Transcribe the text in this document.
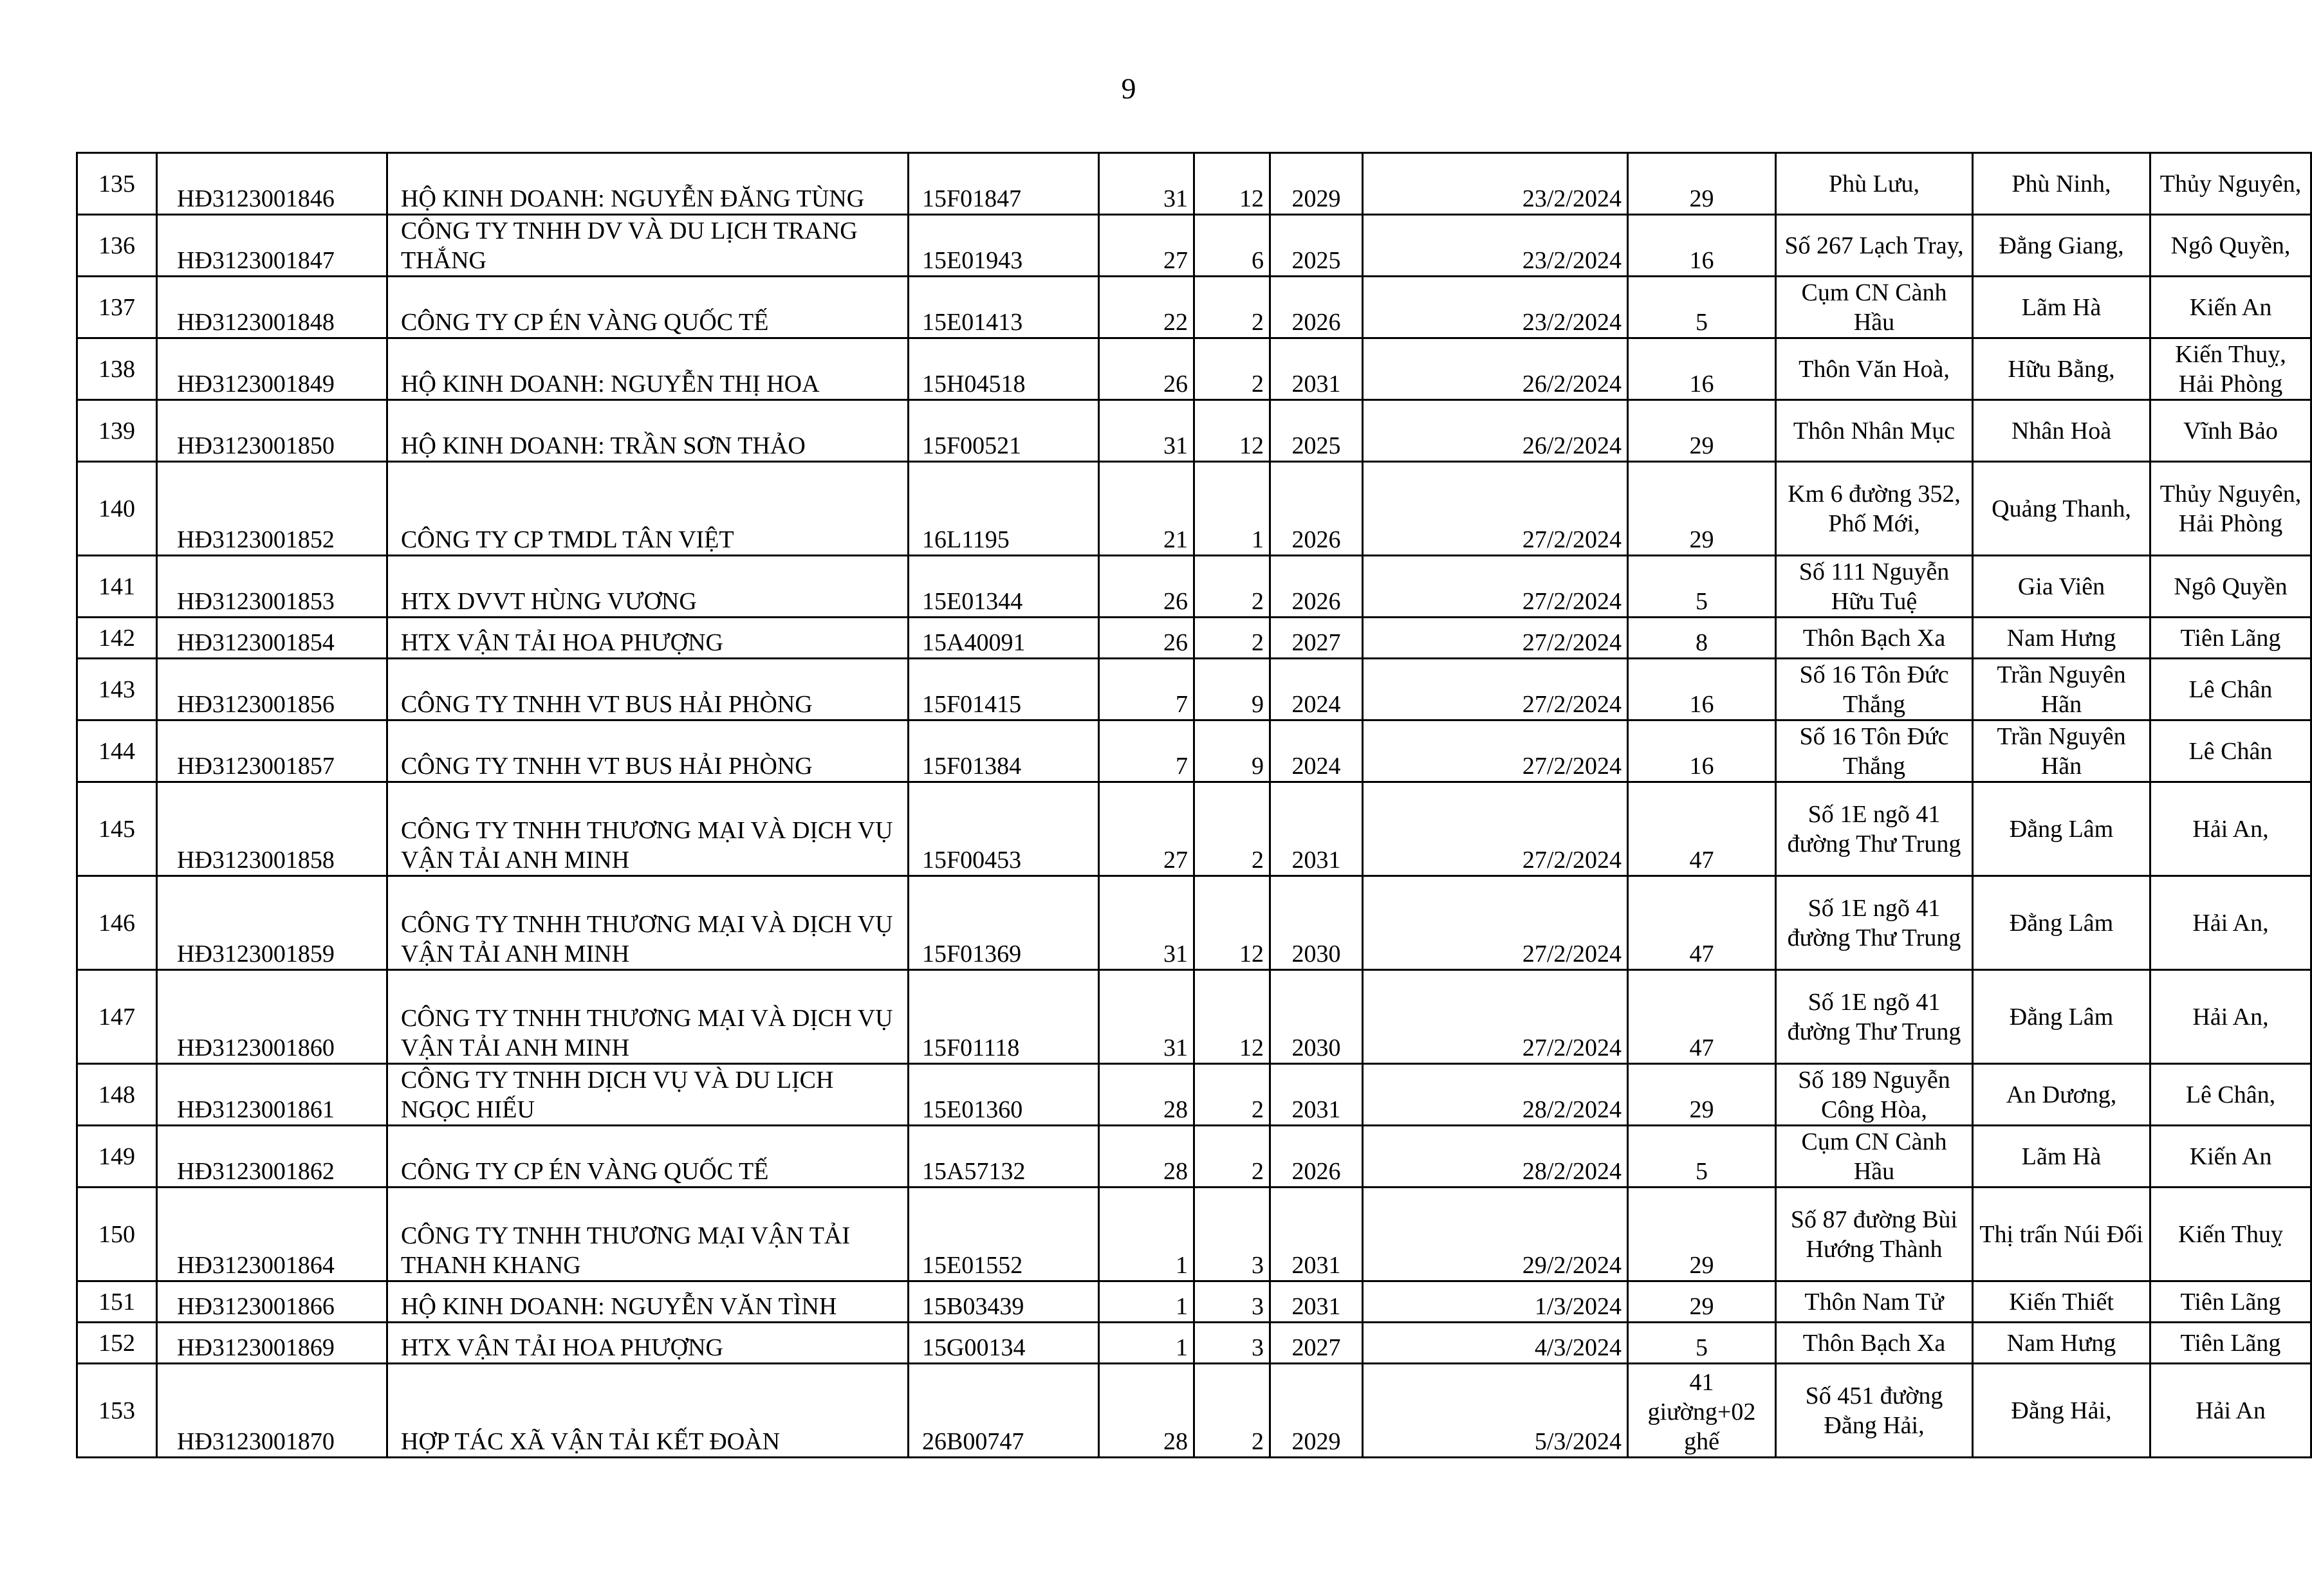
9
135	HĐ3123001846	HỘ KINH DOANH: NGUYỄN ĐĂNG TÙNG	15F01847	31	12	2029	23/2/2024	29	Phù Lưu,	Phù Ninh,	Thủy Nguyên,
136	HĐ3123001847	CÔNG TY TNHH DV VÀ DU LỊCH TRANG THẮNG	15E01943	27	6	2025	23/2/2024	16	Số 267 Lạch Tray,	Đằng Giang,	Ngô Quyền,
137	HĐ3123001848	CÔNG TY CP ÉN VÀNG QUỐC TẾ	15E01413	22	2	2026	23/2/2024	5	Cụm CN Cành Hầu	Lãm Hà	Kiến An
138	HĐ3123001849	HỘ KINH DOANH: NGUYỄN THỊ HOA	15H04518	26	2	2031	26/2/2024	16	Thôn Văn Hoà,	Hữu Bằng,	Kiến Thuỵ, Hải Phòng
139	HĐ3123001850	HỘ KINH DOANH: TRẦN SƠN THẢO	15F00521	31	12	2025	26/2/2024	29	Thôn Nhân Mục	Nhân Hoà	Vĩnh Bảo
140	HĐ3123001852	CÔNG TY CP TMDL TÂN VIỆT	16L1195	21	1	2026	27/2/2024	29	Km 6 đường 352, Phố Mới,	Quảng Thanh,	Thủy Nguyên, Hải Phòng
141	HĐ3123001853	HTX DVVT HÙNG VƯƠNG	15E01344	26	2	2026	27/2/2024	5	Số 111 Nguyễn Hữu Tuệ	Gia Viên	Ngô Quyền
142	HĐ3123001854	HTX VẬN TẢI HOA PHƯỢNG	15A40091	26	2	2027	27/2/2024	8	Thôn Bạch Xa	Nam Hưng	Tiên Lãng
143	HĐ3123001856	CÔNG TY TNHH VT BUS HẢI PHÒNG	15F01415	7	9	2024	27/2/2024	16	Số 16 Tôn Đức Thắng	Trần Nguyên Hãn	Lê Chân
144	HĐ3123001857	CÔNG TY TNHH VT BUS HẢI PHÒNG	15F01384	7	9	2024	27/2/2024	16	Số 16 Tôn Đức Thắng	Trần Nguyên Hãn	Lê Chân
145	HĐ3123001858	CÔNG TY TNHH THƯƠNG MẠI VÀ DỊCH VỤ VẬN TẢI ANH MINH	15F00453	27	2	2031	27/2/2024	47	Số 1E ngõ 41 đường Thư Trung	Đằng Lâm	Hải An,
146	HĐ3123001859	CÔNG TY TNHH THƯƠNG MẠI VÀ DỊCH VỤ VẬN TẢI ANH MINH	15F01369	31	12	2030	27/2/2024	47	Số 1E ngõ 41 đường Thư Trung	Đằng Lâm	Hải An,
147	HĐ3123001860	CÔNG TY TNHH THƯƠNG MẠI VÀ DỊCH VỤ VẬN TẢI ANH MINH	15F01118	31	12	2030	27/2/2024	47	Số 1E ngõ 41 đường Thư Trung	Đằng Lâm	Hải An,
148	HĐ3123001861	CÔNG TY TNHH DỊCH VỤ VÀ DU LỊCH NGỌC HIẾU	15E01360	28	2	2031	28/2/2024	29	Số 189 Nguyễn Công Hòa,	An Dương,	Lê Chân,
149	HĐ3123001862	CÔNG TY CP ÉN VÀNG QUỐC TẾ	15A57132	28	2	2026	28/2/2024	5	Cụm CN Cành Hầu	Lãm Hà	Kiến An
150	HĐ3123001864	CÔNG TY TNHH THƯƠNG MẠI VẬN TẢI THANH KHANG	15E01552	1	3	2031	29/2/2024	29	Số 87 đường Bùi Hướng Thành	Thị trấn Núi Đối	Kiến Thuỵ
151	HĐ3123001866	HỘ KINH DOANH: NGUYỄN VĂN TÌNH	15B03439	1	3	2031	1/3/2024	29	Thôn Nam Tử	Kiến Thiết	Tiên Lãng
152	HĐ3123001869	HTX VẬN TẢI HOA PHƯỢNG	15G00134	1	3	2027	4/3/2024	5	Thôn Bạch Xa	Nam Hưng	Tiên Lãng
153	HĐ3123001870	HỢP TÁC XÃ VẬN TẢI KẾT ĐOÀN	26B00747	28	2	2029	5/3/2024	41 giường+02 ghế	Số 451 đường Đằng Hải,	Đằng Hải,	Hải An
